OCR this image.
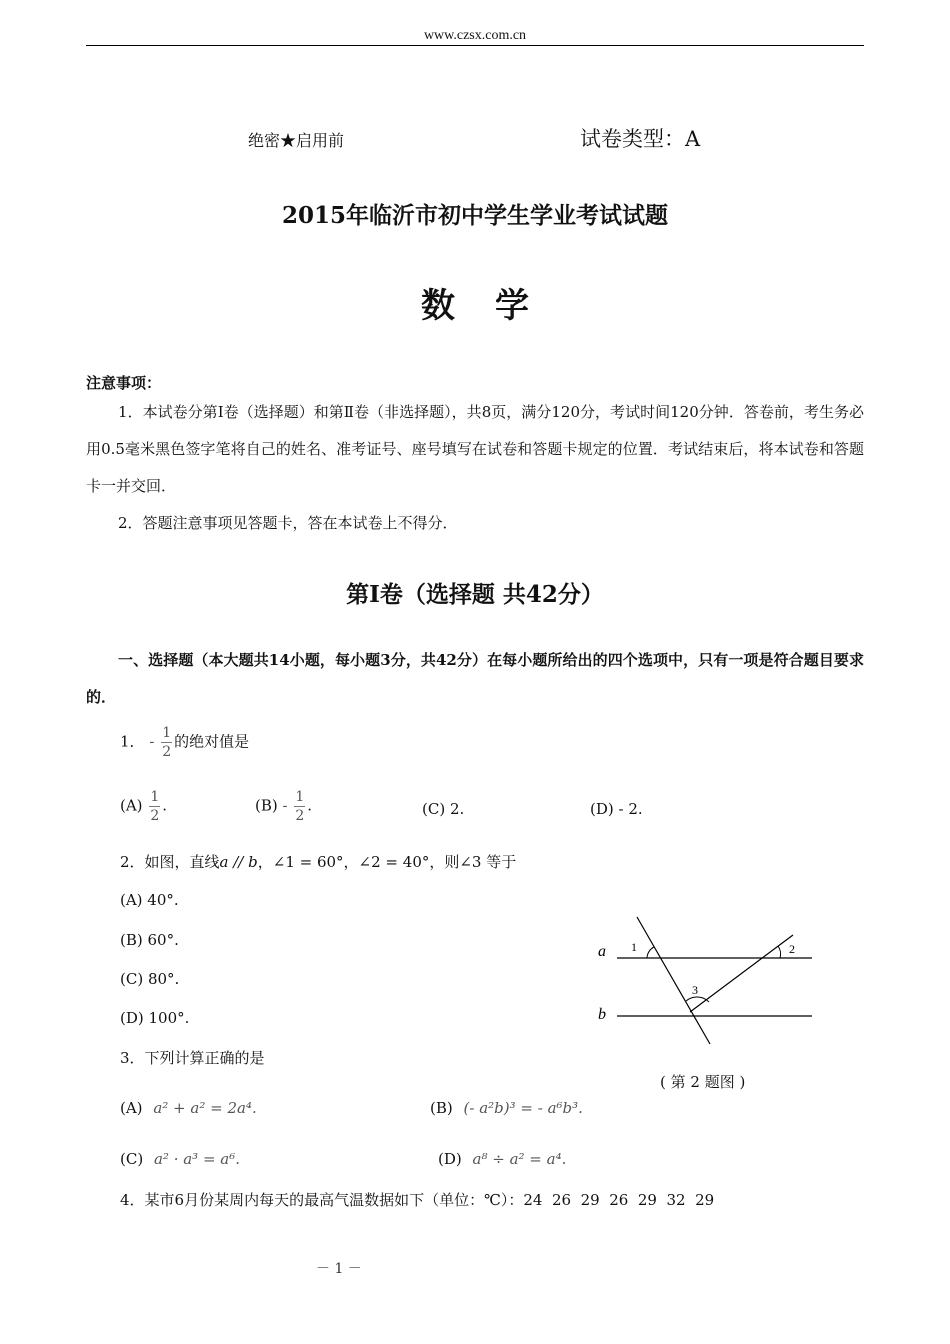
www.czsx.com.cn
绝密★启用前	试卷类型：A
2015年临沂市初中学生学业考试试题
数学
注意事项：
1．本试卷分第Ⅰ卷（选择题）和第Ⅱ卷（非选择题），共8页，满分120分，考试时间120分钟．答卷前，考生务必用0.5毫米黑色签字笔将自己的姓名、准考证号、座号填写在试卷和答题卡规定的位置．考试结束后，将本试卷和答题卡一并交回．
2．答题注意事项见答题卡，答在本试卷上不得分．
第Ⅰ卷（选择题 共42分）
一、选择题（本大题共14小题，每小题3分，共42分）在每小题所给出的四个选项中，只有一项是符合题目要求的．
1． - $\frac{1}{2}$ 的绝对值是
$(A) \frac{1}{2}$ .	$(B) - \frac{1}{2}$ .	(C) 2.	(D) - 2.
2．如图，直线a // b，∠1 = 60°，∠2 = 40°，则∠3 等于
(A) 40°.
(B) 60°.
(C) 80°.
(D) 100°.
a
b
1	2
3
( 第 2 题图 )
3．下列计算正确的是
(A) a² + a² = 2a⁴.	(B) (- a²b)³ = - a⁶b³.
(C) a² · a³ = a⁶.	(D) a⁸ ÷ a² = a⁴.
4．某市6月份某周内每天的最高气温数据如下（单位：℃）：24  26  29  26  29  32  29
－ 1 －
